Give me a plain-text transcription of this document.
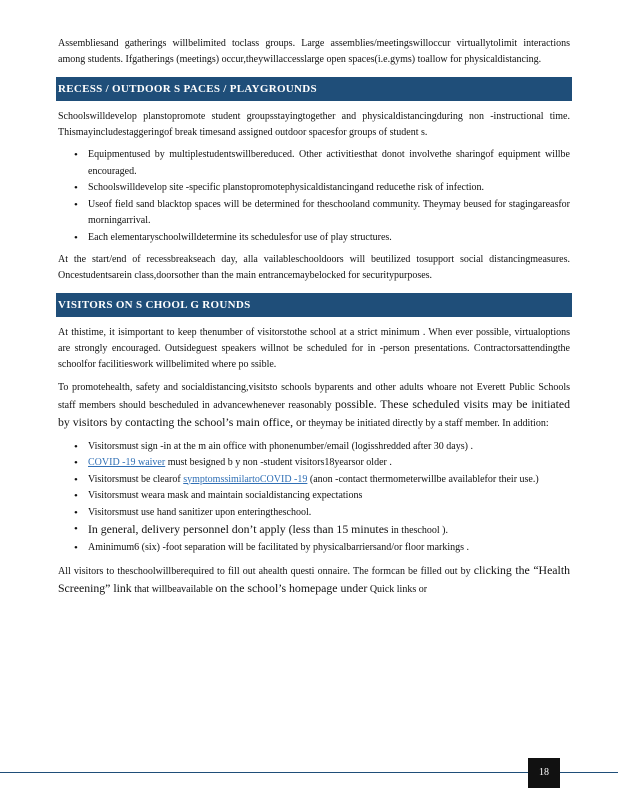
Assembliesand gatherings willbelimited toclass groups. Large assemblies/meetingswilloccur virtuallytolimit interactions among students. Ifgatherings (meetings) occur,theywillaccesslarge open spaces(i.e.gyms) toallow for physicaldistancing.

RECESS / OUTDOOR S PACES / PLAYGROUNDS

Schoolswilldevelop planstopromote student groupsstayingtogether and physicaldistancingduring non -instructional time. Thismayincludestaggeringof break timesand assigned outdoor spacesfor groups of student s.

• Equipmentused by multiplestudentswillbereduced. Other activitiesthat donot involvethe sharingof equipment willbe encouraged.
• Schoolswilldevelop site -specific planstopromotephysicaldistancingand reducethe risk of infection.
• Useof field sand blacktop spaces will be determined for theschooland community. Theymay beused for stagingareasfor morningarrival.
• Each elementaryschoolwilldetermine its schedulesfor use of play structures.

At the start/end of recessbreakseach day, alla vailableschooldoors will beutilized tosupport social distancingmeasures. Oncestudentsarein class,doorsother than the main entrancemaybelocked for securitypurposes.

VISITORS ON S CHOOL G ROUNDS

At thistime, it isimportant to keep thenumber of visitorstothe school at a strict minimum . When ever possible, virtualoptions are strongly encouraged. Outsideguest speakers willnot be scheduled for in -person presentations. Contractorsattendingthe schoolfor facilitieswork willbelimited where po ssible.

To promotehealth, safety and socialdistancing,visitsto schools byparents and other adults whoare not Everett Public Schools staff members should bescheduled in advancewhenever reasonably possible. These scheduled visits may be initiated by visitors by contacting the school’s main office, or theymay be initiated directly by a staff member. In addition:

• Visitorsmust sign -in at the m ain office with phonenumber/email (logisshredded after 30 days) .
• COVID -19 waiver must besigned b y non -student visitors18yearsor older .
• Visitorsmust be clearof symptomssimilartoCOVID -19 (anon -contact thermometerwillbe availablefor their use.)
• Visitorsmust weara mask and maintain socialdistancing expectations
• Visitorsmust use hand sanitizer upon enteringtheschool.
• In general, delivery personnel don’t apply (less than 15 minutes in theschool ).
• Aminimum6 (six) -foot separation will be facilitated by physicalbarriersand/or floor markings .

All visitors to theschoolwillberequired to fill out ahealth questi onnaire. The formcan be filled out by clicking the “Health Screening” link that willbeavailable on the school’s homepage under Quick links or

18
